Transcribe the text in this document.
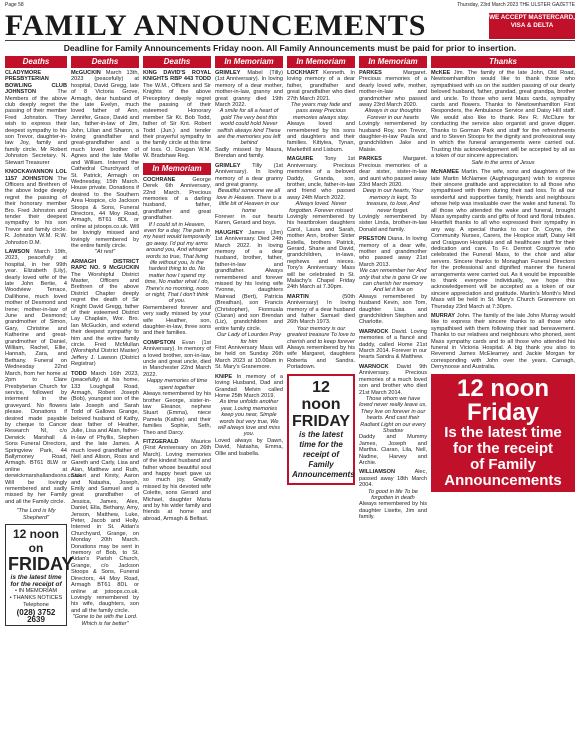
Page 58	Thursday, 23rd March 2023 THE ULSTER GAZETTE
FAMILY ANNOUNCEMENTS	WE ACCEPT MASTERCARD, VISA & DELTA
Deadline for Family Announcements Friday noon. All Family Announcements must be paid for prior to insertion.
Deaths
CLADYMORE PRESBYTERIAN BOWLING CLUB JOHNSTON	The Members of the above club deeply regret the passing of their member Fred Johnston. They wish to express their deepest sympathy to his son Trevor, daughter-in-law Joy, family and family circle. Mr Robert Johnston Secretary. N. Stewart Treasurer
KNOCKAVANNON LOL 1157 JOHNSTON The Officers and Brethren of the above lodge deeply regret the passing of their honorary member Bro. Fred Johnston and tender their deepest sympathy to his son Trevor and family circle. R. Johnston W.M. R.W. Johnston D.M.
LAWSON March 19th, 2023, peacefully at hospital, in her 99th year. Elizabeth (Lily), dearly loved wife of the late John Bertie, 4 Woodview Terrace, Dallihone, much loved mother of Desmond and Irene; mother-in-law of June and Desmond; grandmother of Simon, Gary, Christine and Katherine and great-grandmother of Daniel, William, Rachel, Ellie, Hannah, Zara, and Bethany. Funeral on Wednesday 22nd March, from her home at 2pm to Clare Presbyterian Church for service, followed by interment in the graveyard. No flowers please. Donations if desired made payable by cheque to Cancer Research NI, c/o Derwick Marshall & Sons Funeral Directors, Springview Park, 44 Ballymoney Road, Armagh. BT61 8LW or online at derwickmarshallandsons.co.uk. Will be lovingly remembered and sadly missed by her Family and all the Family circle.
"The Lord is My Shepherd"
12 noon on
FRIDAY
is the latest time for the receipt of
• IN MEMORIAM
• THANKS NOTICES
Telephone
(028) 3752 2639
Deaths
McGUCKIN March 13th, 2023 (peacefully) at hospital, David Gregg, late of 8 Victoria Grove, Armagh, dear husband of the late Evelyn, much loved father of Ann, Jennifer, Grace, David and Ian, father-in-law of Jim, John, Lilian and Sharon, a loving grandfather and great-grandfather and a much loved brother of Agnes and the late Mollie and William. Interred the Cathedral Churchyard of St. Patrick, Armagh on Wednesday, 15th March. House private. Donations if desired to the Southern Area Hospice, c/o Jackson Stoops & Sons, Funeral Directors, 44 Moy Road, Armagh, BT61 8DL or online at jstoops.co.uk. Will be lovingly missed and lovingly remembered by the entire family circle.
"At rest"
ARMAGH DISTRICT RAPC NO. 9 McGUCKIN The Worshipful District Master, Officers and Brethren of the above District Chapter deeply regret the death of Sir Knight David Gregg, father of their esteemed District Lay Chaplain, Wor. Bro. Ian McGuckin, and extend their deepest sympathy to him and the entire family circle. Fred McMullan (Worshipful District Master) Jeffery J. Lawson (District Registrar)
TODD March 16th 2023, (peacefully) at his home, 133 Loughgall Road, Armagh, Robert Joseph (Bob), youngest son of the late Joseph and Sarah Todd of Gallows Grange, beloved husband of Kathy, dear father of Heather, Julie, Lisa and Alan, father-in-law of Phyllis, Stephen and the late James. A much loved grandfather of Neil and Alison, Ross and Gareth and Carly, Lisa and Alan, Matthew and Ruth, Stuart and Kirsty, Aaron and Natasha, Joseph, Emily and Samuel and a great grandfather of Jessica, James, Alex, Daniel, Ella, Bethany, Amy, Jenson, Matthew, Luke, Peter, Jacob and Holly. Interred in St. Aidan's Churchyard, Grange, on Monday 20th March. Donations may be sent in memory of Bob, to St. Aidan's Parish Church, Grange, c/o Jackson Stoops & Sons, Funeral Directors, 44 Moy Road, Armagh BT61 8DL or online at jstoops.co.uk. Lovingly remembered by his wife, daughters, son and all the family circle.
"Gone to be with the Lord. Which is far better"
Deaths
KING DAVID'S ROYAL KNIGHTS RBP 443 TODD The W.M., Officers and Sir Knights of the above Preceptory deeply regret the passing of their esteemed Honorary member Sir Kt. Bob Todd, father of Sir Knt. Robert Todd (Jun.) and tender their prayerful sympathy to the family circle at this time of loss. O. Dougan W.M. W. Bradshaw Reg.
In Memoriam
COCHRANE	George Derek 6th Anniversary, 22nd March. Precious memories of a darling husband, father, grandfather and great grandfather.
If I could sit in Heaven, even for a day, The pain in my heart would temporarily go away. I'd put my arms around you, And whisper words so true, That living life without you, Is the hardest thing to do. No matter how I spend my time, No matter what I do, There's no morning, noon or night, That I don't think of you.
Remembered forever and very sadly missed by your wife Heather, son, daughter-in-law, three sons and their families.
COMPSTON Evan (1st Anniversary). In memory of a loved brother, son-in-law, uncle and great uncle, died in Manchester 22nd March 2022.
Happy memories of time spent together
Always remembered by his brother George, sister-in-law Eleanor, nephew Stuart (Emma), niece Pamela (Kathie) and their families Sophie, Seth, Theo and Darcy.
FITZGERALD Maurice (First Anniversary on 26th March). Loving memories of the kindest husband and father whose beautiful soul and happy heart gave us so much joy. Greatly missed by his devoted wife Colette, sons Gerard and Michael, daughter Maria and by his wider family and friends at home and abroad, Armagh & Belfast.
In Memoriam
GRIMLEY Mabel (Tilly) (1st Anniversary). In loving memory of a dear mother, mother-in-law, granny and great granny died 19th March 2022.
A smile for all a heart of gold The very best this world could hold Never selfish always kind These are the memories you left behind
Sadly missed by Maura, Brendan and family.
GRIMLEY Tilly (1st Anniversary). In loving memory of a dear granny and great granny.
Beautiful someone we all love in Heaven. There is a little bit of Heaven in our home
Forever in our hearts Karen, Gerard and boys.
HAUGHEY James (Jim) 1st Anniversary. Died 24th March 2022. In loving memory of a dear husband, brother, father, father-in-law and grandfather. Always remembered and forever missed by his loving wife Yvonne, daughters Mairead (Bert), Patricia (Breathan), son Francis (Christopher), Fionnuala (Ciaran) and son Brendan (Liz), grandchildren and entire family circle.
Our Lady of Lourdes Pray for him
First Anniversary Mass will be held on Sunday 26th March 2023 at 10.00am in St. Mary's Granemore.
KNIPE In memory of a loving Husband, Dad and Grandad Melvin called Home 25th March 2019.
As time unfolds another year, Loving memories keep you near, Simple words but very true, We will always love and miss you.
Loved always by Dawn, David, Natasha, Emma, Ollie and Isabella.
In Memoriam
LOCKHART Kenneth. In loving memory of a dear father, grandfather and great grandfather who died 27th March 2021.
The years may fade and pass away Precious memories always stay.
Always loved and remembered by his sons and daughters and their families. Kittylea, Tynan, Markethill and Lisburn.
MAGUIRE Tony 1st Anniversary. Precious memories of a beloved Daddy, Granda, son, brother, uncle, father-in-law and friend who passed away 24th March 2022.
Always loved. Never forgotten. Forever missed
Lovingly remembered by his heartbroken daughters Carol, Laura and Sarah, mother Ann, brother Sister Estella, brothers Patrick, Gerard, Shane and David, grandchildren, in-laws, nephews and nieces. Tony's Anniversary Mass will be celebrated in St. Malachy's Chapel Friday 24th March at 7.30pm.
MARTIN	(50th Anniversary) In loving memory of a dear husband and father Samuel died 26th March 1973.
Your memory is our greatest treasure To love to cherish and to keep forever
Always remembered by his wife Margaret, daughters Roberta and Sandra. Portadown.
12 noon
FRIDAY
is the latest time for the receipt of Family Announcements
In Memoriam
PARKES	Margaret. Precious memories of a dearly loved wife, mother, mother-in-law and grandmother who passed away 23rd March 2020.
Always in our thoughts Forever in our hearts
Lovingly remembered by husband Roy, son Trevor, daughter-in-law Paula and grandchildren Jake and Maisie.
PARKES	Margaret. Precious memories of a dear sister, sister-in-law and aunt who passed away 23rd March 2020.
Deep in our hearts, Your memory is kept, To treasure, to love, And never forget.
Lovingly remembered by sister Linda, brother-in-law Donald and family.
PRESTON Diana. In loving memory of a dear wife, mother and grandmother who passed away 21st March 2013.
We can remember her And only that she is gone Or we can cherish her memory And let it live on
Always remembered by husband Kevin, son Tom, daughter Lisa and grandchildren Stephen and Charlotte.
WARNOCK David. Loving memories of a fiancé and daddy, called Home 21st March 2014. Forever in our hearts Sandra & Matthew.
WARNOCK David 9th Anniversary. Precious memories of a much loved son and brother who died 21st March 2014.
Those whom we have loved never really leave us, They live on forever in our hearts. And cast their Radiant Light on our every Shadow
Daddy and Mummy James, Joseph and Martha. Ciaran, Lila, Nell, Nadine, Harvey and Archie.
WILLIAMSON	Alec, passed away 18th March 2004.
To good in life To be forgotten in death
Always remembered by his daughter Lisette, Jim and family.
Thanks
McKEE Jim. The family of the late John, Old Road, Newtownhamilton would like to thank those who sympathised with us on the sudden passing of our dearly beloved husband, father, grandad, great grandpa, brother and uncle. To those who sent Mass cards, sympathy cards and flowers. Thanks to Newtownhamilton First Responders, the Ambulance Service and Daisy Hill staff. We would also like to thank Rev R. McClure for conducting the service also organist and grave digger. Thanks to Gorman Park and staff for the refreshments and to Steven Stoops for the dignity and professional way in which the funeral arrangements were carried out. Trusting this acknowledgement will be accepted by all as a token of our sincere appreciation.
Safe in the arms of Jesus
McNAMEE Martin. The wife, sons and daughters of the late Martin McNamee (Aughnagurgan) wish to express their sincere gratitude and appreciation to all those who sympathised with them during their sad loss. To all our wonderful and supportive family, friends and neighbours whose help was invaluable over the wake and funeral. To all those who attended the wake and funeral, brought Mass sympathy cards and gifts of food and floral tributes. Heartfelt thanks to all who expressed their sympathy in any way. A special thanks to our Dr. Coyne, the Community Nurses, Carers, the Hospice staff, Daisy Hill and Craigavon Hospitals and all healthcare staff for their dedication and care. To Fr. Dermot Cosgrove who celebrated the Funeral Mass, to the choir and altar servers. Sincere thanks to Monaghan Funeral Directors for the professional and dignified manner the funeral arrangements were carried out. As it would be impossible to thank everyone individually, we hope this acknowledgement will be accepted as a token of our sincere appreciation and gratitude. Martin's Month's Mind Mass will be held in St. Mary's Church Granemore on Thursday 23rd March at 7:30pm.
MURRAY John. The family of the late John Murray would like to express their sincere thanks to all those who sympathised with them following their sad bereavement. Thanks to our relatives and neighbours who phoned, sent Mass sympathy cards and to all those who attended his funeral in Victoria Hospital. A big thank you also to Reverend James McElearney and Jackie Morgan for corresponding with John over the years. Carnagh, Derrynoose and Australia.
12 noon Friday
Is the latest time for the receipt
of Family Announcements
